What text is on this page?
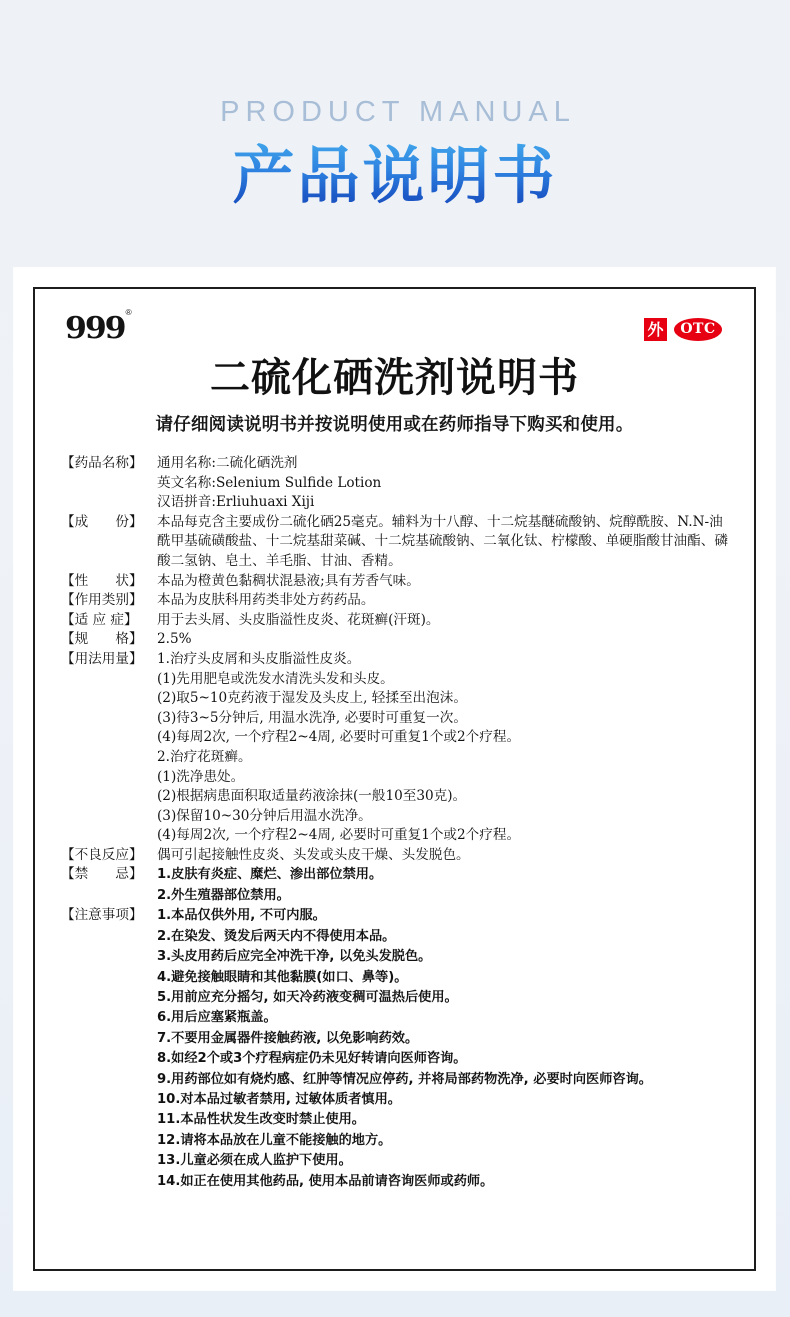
PRODUCT MANUAL
产品说明书
999®
外	OTC
二硫化硒洗剂说明书
请仔细阅读说明书并按说明使用或在药师指导下购买和使用。
【药品名称】	通用名称:二硫化硒洗剂
英文名称:Selenium Sulfide Lotion
汉语拼音:Erliuhuaxi Xiji
【成　　份】	本品每克含主要成份二硫化硒25毫克。辅料为十八醇、十二烷基醚硫酸钠、烷醇酰胺、N.N-油酰甲基硫磺酸盐、十二烷基甜菜碱、十二烷基硫酸钠、二氧化钛、柠檬酸、单硬脂酸甘油酯、磷酸二氢钠、皂土、羊毛脂、甘油、香精。
【性　　状】	本品为橙黄色黏稠状混悬液;具有芳香气味。
【作用类别】	本品为皮肤科用药类非处方药药品。
【适 应 症】	用于去头屑、头皮脂溢性皮炎、花斑癣(汗斑)。
【规　　格】	2.5%
【用法用量】	1.治疗头皮屑和头皮脂溢性皮炎。
(1)先用肥皂或洗发水清洗头发和头皮。
(2)取5~10克药液于湿发及头皮上, 轻揉至出泡沫。
(3)待3~5分钟后, 用温水洗净, 必要时可重复一次。
(4)每周2次, 一个疗程2~4周, 必要时可重复1个或2个疗程。
2.治疗花斑癣。
(1)洗净患处。
(2)根据病患面积取适量药液涂抹(一般10至30克)。
(3)保留10~30分钟后用温水洗净。
(4)每周2次, 一个疗程2~4周, 必要时可重复1个或2个疗程。
【不良反应】	偶可引起接触性皮炎、头发或头皮干燥、头发脱色。
【禁　　忌】	1.皮肤有炎症、糜烂、渗出部位禁用。
2.外生殖器部位禁用。
【注意事项】	1.本品仅供外用, 不可内服。
2.在染发、烫发后两天内不得使用本品。
3.头皮用药后应完全冲洗干净, 以免头发脱色。
4.避免接触眼睛和其他黏膜(如口、鼻等)。
5.用前应充分摇匀, 如天冷药液变稠可温热后使用。
6.用后应塞紧瓶盖。
7.不要用金属器件接触药液, 以免影响药效。
8.如经2个或3个疗程病症仍未见好转请向医师咨询。
9.用药部位如有烧灼感、红肿等情况应停药, 并将局部药物洗净, 必要时向医师咨询。
10.对本品过敏者禁用, 过敏体质者慎用。
11.本品性状发生改变时禁止使用。
12.请将本品放在儿童不能接触的地方。
13.儿童必须在成人监护下使用。
14.如正在使用其他药品, 使用本品前请咨询医师或药师。
